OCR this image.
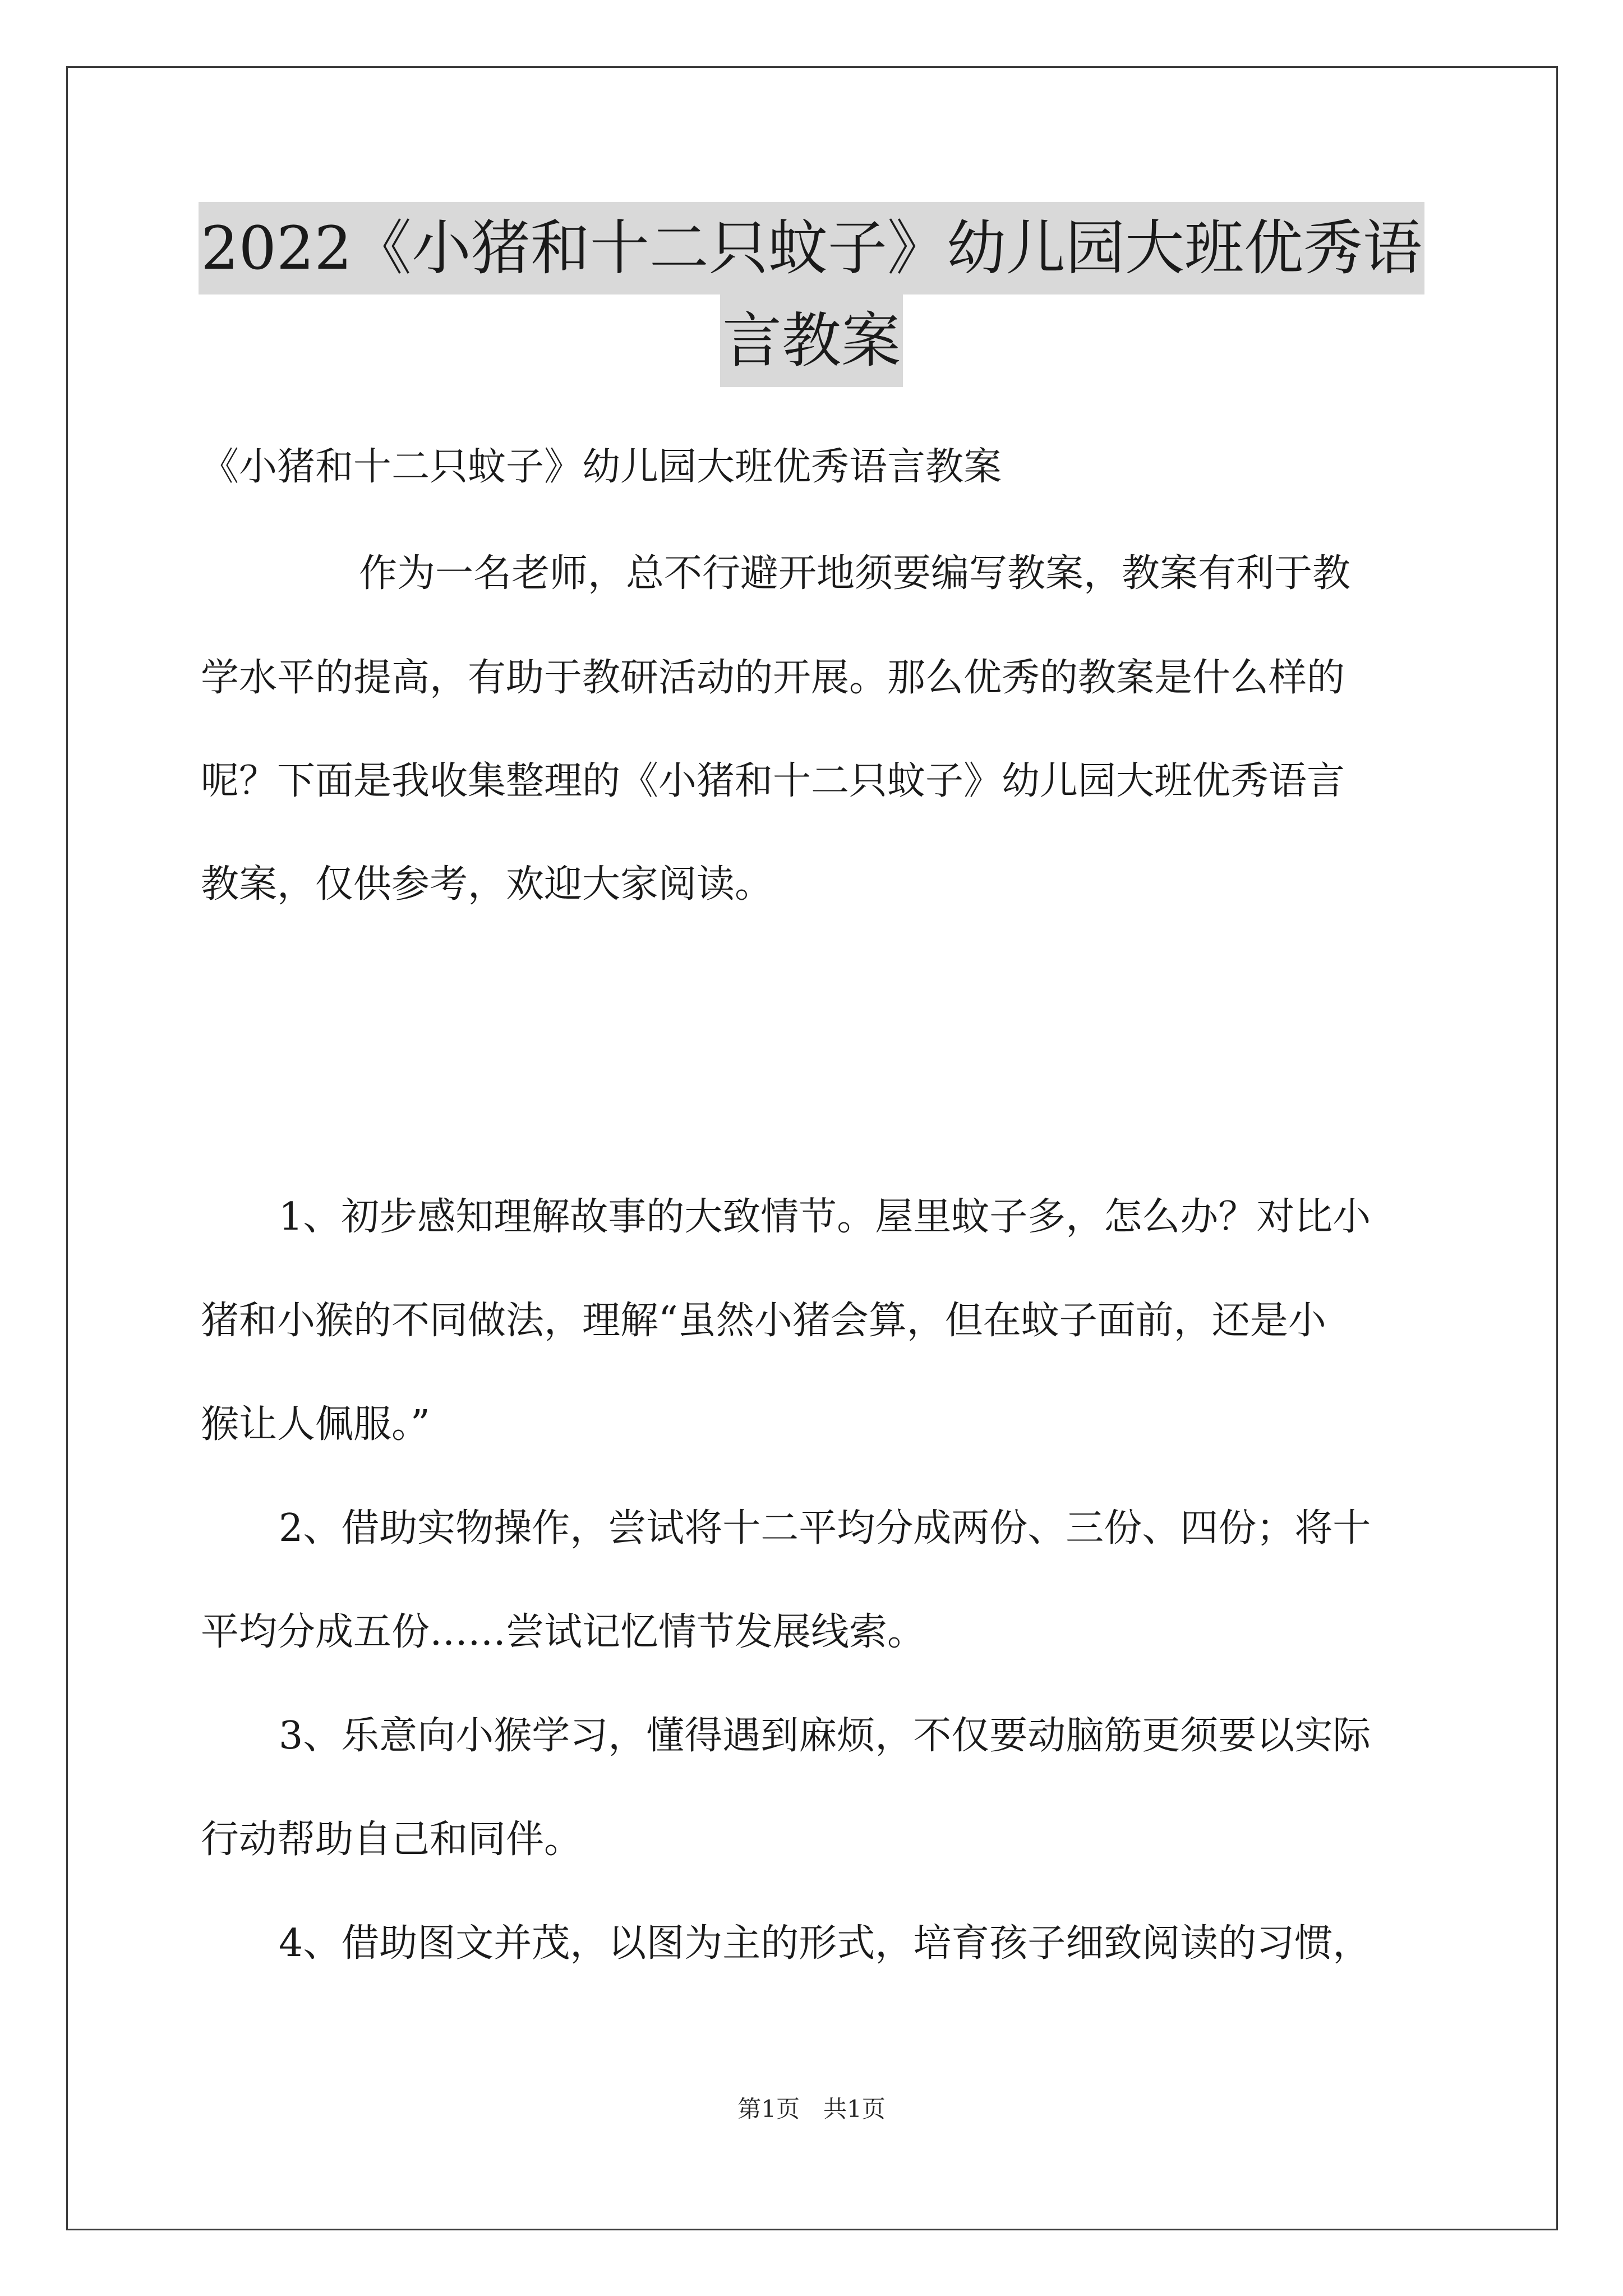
2022《小猪和十二只蚊子》幼儿园大班优秀语
言教案
《小猪和十二只蚊子》幼儿园大班优秀语言教案
作为一名老师，总不行避开地须要编写教案，教案有利于教
学水平的提高，有助于教研活动的开展。那么优秀的教案是什么样的
呢？下面是我收集整理的《小猪和十二只蚊子》幼儿园大班优秀语言
教案，仅供参考，欢迎大家阅读。
1、初步感知理解故事的大致情节。屋里蚊子多，怎么办？对比小
猪和小猴的不同做法，理解“虽然小猪会算，但在蚊子面前，还是小
猴让人佩服。”
2、借助实物操作，尝试将十二平均分成两份、三份、四份；将十
平均分成五份……尝试记忆情节发展线索。
3、乐意向小猴学习，懂得遇到麻烦，不仅要动脑筋更须要以实际
行动帮助自己和同伴。
4、借助图文并茂，以图为主的形式，培育孩子细致阅读的习惯，
第1页　共1页
